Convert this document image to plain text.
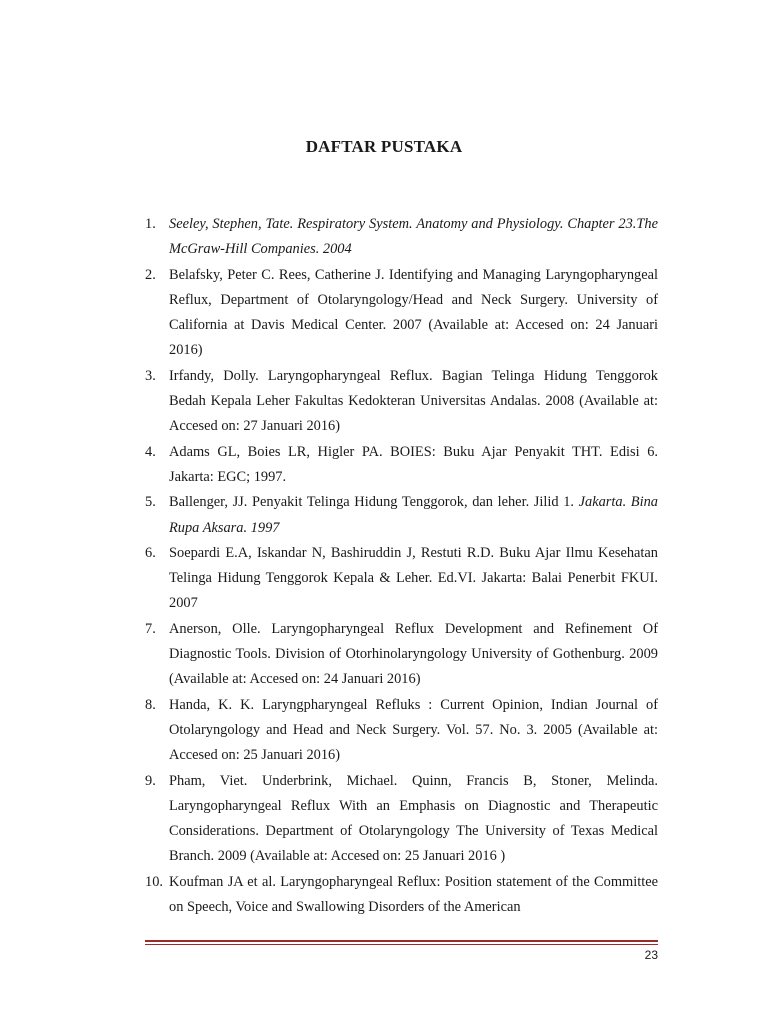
DAFTAR PUSTAKA
1. Seeley, Stephen, Tate. Respiratory System. Anatomy and Physiology. Chapter 23.The McGraw-Hill Companies. 2004
2. Belafsky, Peter C. Rees, Catherine J. Identifying and Managing Laryngopharyngeal Reflux, Department of Otolaryngology/Head and Neck Surgery. University of California at Davis Medical Center. 2007 (Available at: Accesed on: 24 Januari 2016)
3. Irfandy, Dolly. Laryngopharyngeal Reflux. Bagian Telinga Hidung Tenggorok Bedah Kepala Leher Fakultas Kedokteran Universitas Andalas. 2008 (Available at: Accesed on: 27 Januari 2016)
4. Adams GL, Boies LR, Higler PA. BOIES: Buku Ajar Penyakit THT. Edisi 6. Jakarta: EGC; 1997.
5. Ballenger, JJ. Penyakit Telinga Hidung Tenggorok, dan leher. Jilid 1. Jakarta. Bina Rupa Aksara. 1997
6. Soepardi E.A, Iskandar N, Bashiruddin J, Restuti R.D. Buku Ajar Ilmu Kesehatan Telinga Hidung Tenggorok Kepala & Leher. Ed.VI. Jakarta: Balai Penerbit FKUI. 2007
7. Anerson, Olle. Laryngopharyngeal Reflux Development and Refinement Of Diagnostic Tools. Division of Otorhinolaryngology University of Gothenburg. 2009 (Available at: Accesed on: 24 Januari 2016)
8. Handa, K. K. Laryngpharyngeal Refluks : Current Opinion, Indian Journal of Otolaryngology and Head and Neck Surgery. Vol. 57. No. 3. 2005 (Available at: Accesed on: 25 Januari 2016)
9. Pham, Viet. Underbrink, Michael. Quinn, Francis B, Stoner, Melinda. Laryngopharyngeal Reflux With an Emphasis on Diagnostic and Therapeutic Considerations. Department of Otolaryngology The University of Texas Medical Branch. 2009 (Available at: Accesed on: 25 Januari 2016 )
10. Koufman JA et al. Laryngopharyngeal Reflux: Position statement of the Committee on Speech, Voice and Swallowing Disorders of the American
23
